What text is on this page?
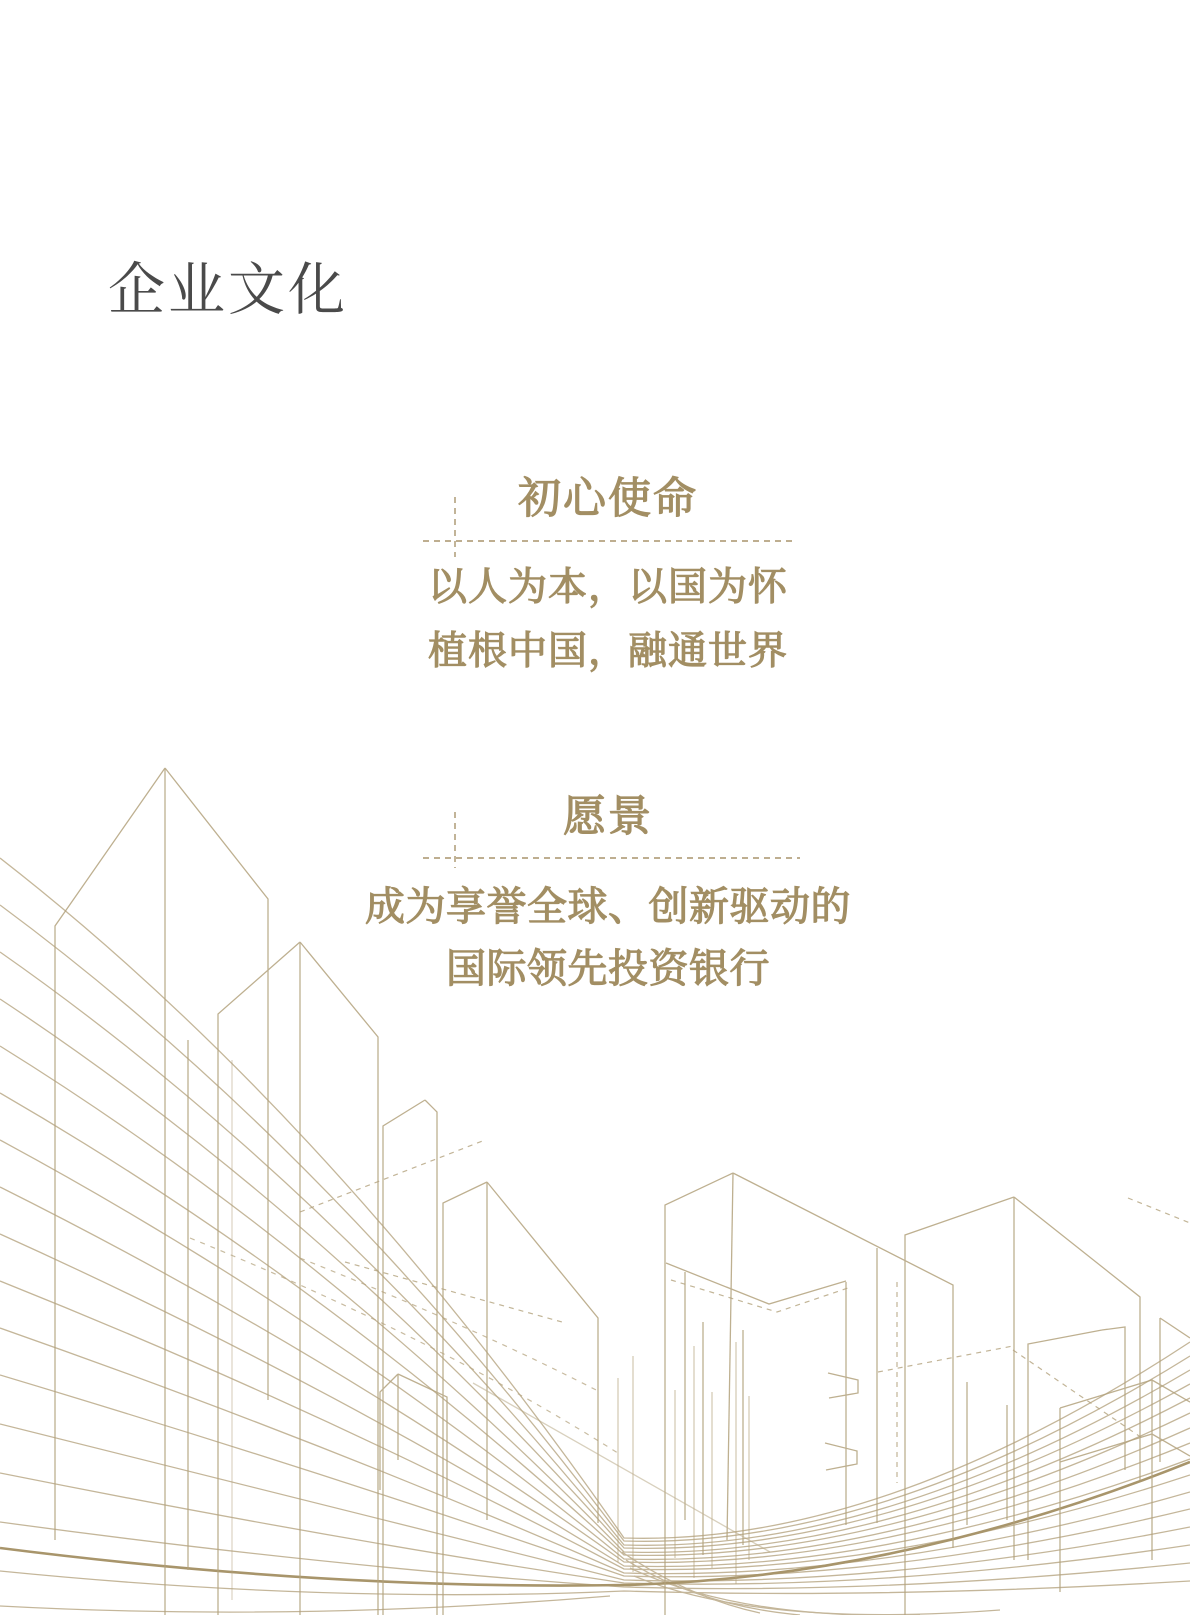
企业文化
初心使命
以人为本，以国为怀
植根中国，融通世界
愿景
成为享誉全球、创新驱动的
国际领先投资银行
